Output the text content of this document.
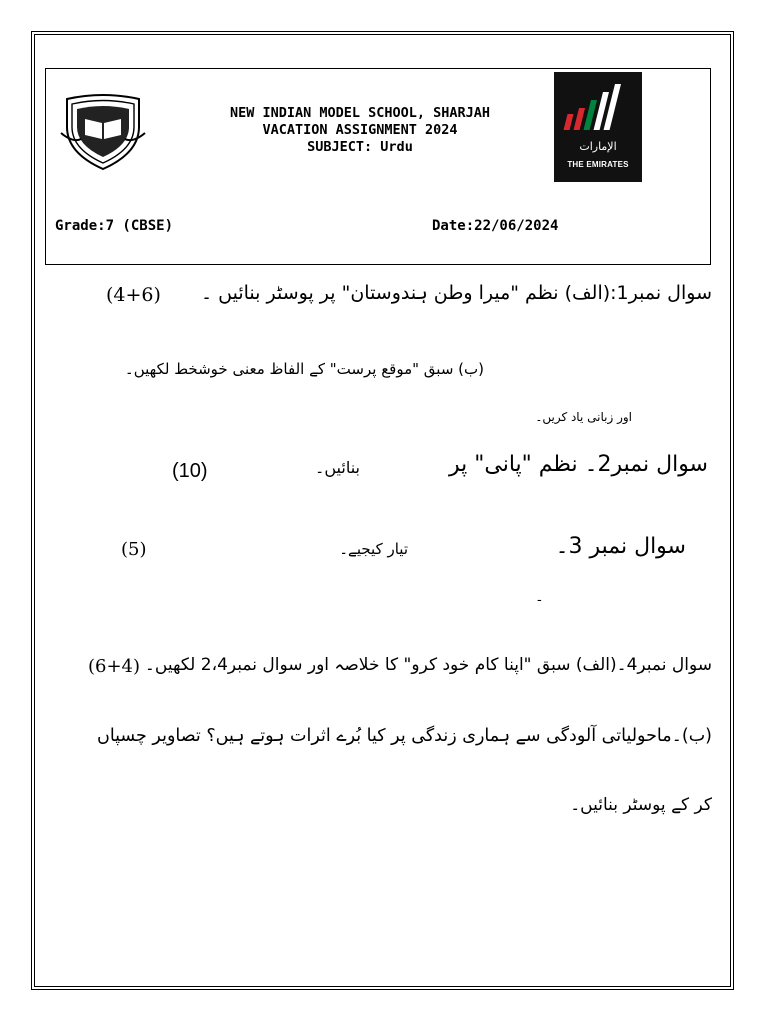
NEW INDIAN MODEL SCHOOL, SHARJAH
VACATION ASSIGNMENT 2024
SUBJECT: Urdu	الإمارات
THE EMIRATES
Grade:7 (CBSE)	Date:22/06/2024
سوال نمبر1:(الف) نظم "میرا وطن ہندوستان" پر پوسٹر بنائیں ۔
(4+6)
(ب) سبق "موقع پرست" کے الفاظ معنی خوشخط لکھیں۔
اور زبانی یاد کریں۔
سوال نمبر2۔ نظم "پانی" پر
بنائیں۔
(10)
سوال نمبر 3۔
تیار کیجیے۔
(5)
-
سوال نمبر4۔(الف) سبق "اپنا کام خود کرو" کا خلاصہ اور سوال نمبر2،4 لکھیں۔
(6+4)
(ب)۔ماحولیاتی آلودگی سے ہماری زندگی پر کیا بُرے اثرات ہوتے ہیں؟ تصاویر چسپاں
کر کے پوسٹر بنائیں۔
